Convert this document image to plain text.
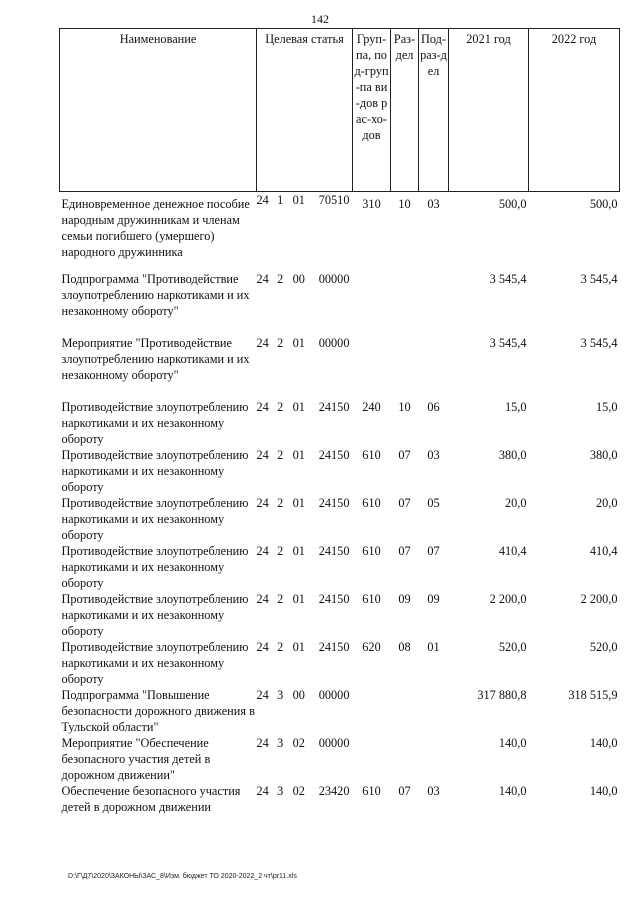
142
Наименование	Целевая статья	Груп-па, под-груп-па ви-дов рас-хо-дов	Раз-дел	Под-раз-дел	2021 год	2022 год
Единовременное денежное пособие народным дружинникам и членам семьи погибшего (умершего) народного дружинника	24 1 01 70510	310	10	03	500,0	500,0
Подпрограмма "Противодействие злоупотреблению наркотиками и их незаконному обороту"	24 2 00 00000				3 545,4	3 545,4
Мероприятие "Противодействие злоупотреблению наркотиками и их незаконному обороту"	24 2 01 00000				3 545,4	3 545,4
Противодействие злоупотреблению наркотиками и их незаконному обороту	24 2 01 24150	240	10	06	15,0	15,0
Противодействие злоупотреблению наркотиками и их незаконному обороту	24 2 01 24150	610	07	03	380,0	380,0
Противодействие злоупотреблению наркотиками и их незаконному обороту	24 2 01 24150	610	07	05	20,0	20,0
Противодействие злоупотреблению наркотиками и их незаконному обороту	24 2 01 24150	610	07	07	410,4	410,4
Противодействие злоупотреблению наркотиками и их незаконному обороту	24 2 01 24150	610	09	09	2 200,0	2 200,0
Противодействие злоупотреблению наркотиками и их незаконному обороту	24 2 01 24150	620	08	01	520,0	520,0
Подпрограмма "Повышение безопасности дорожного движения в Тульской области"	24 3 00 00000				317 880,8	318 515,9
Мероприятие "Обеспечение безопасного участия детей в дорожном движении"	24 3 02 00000				140,0	140,0
Обеспечение безопасного участия детей в дорожном движении	24 3 02 23420	610	07	03	140,0	140,0
D:\Г\Д7\2020\ЗАКОНЫ\ЗАС_8\Изм. бюджет ТО 2020-2022_2 чт\pr11.xls
